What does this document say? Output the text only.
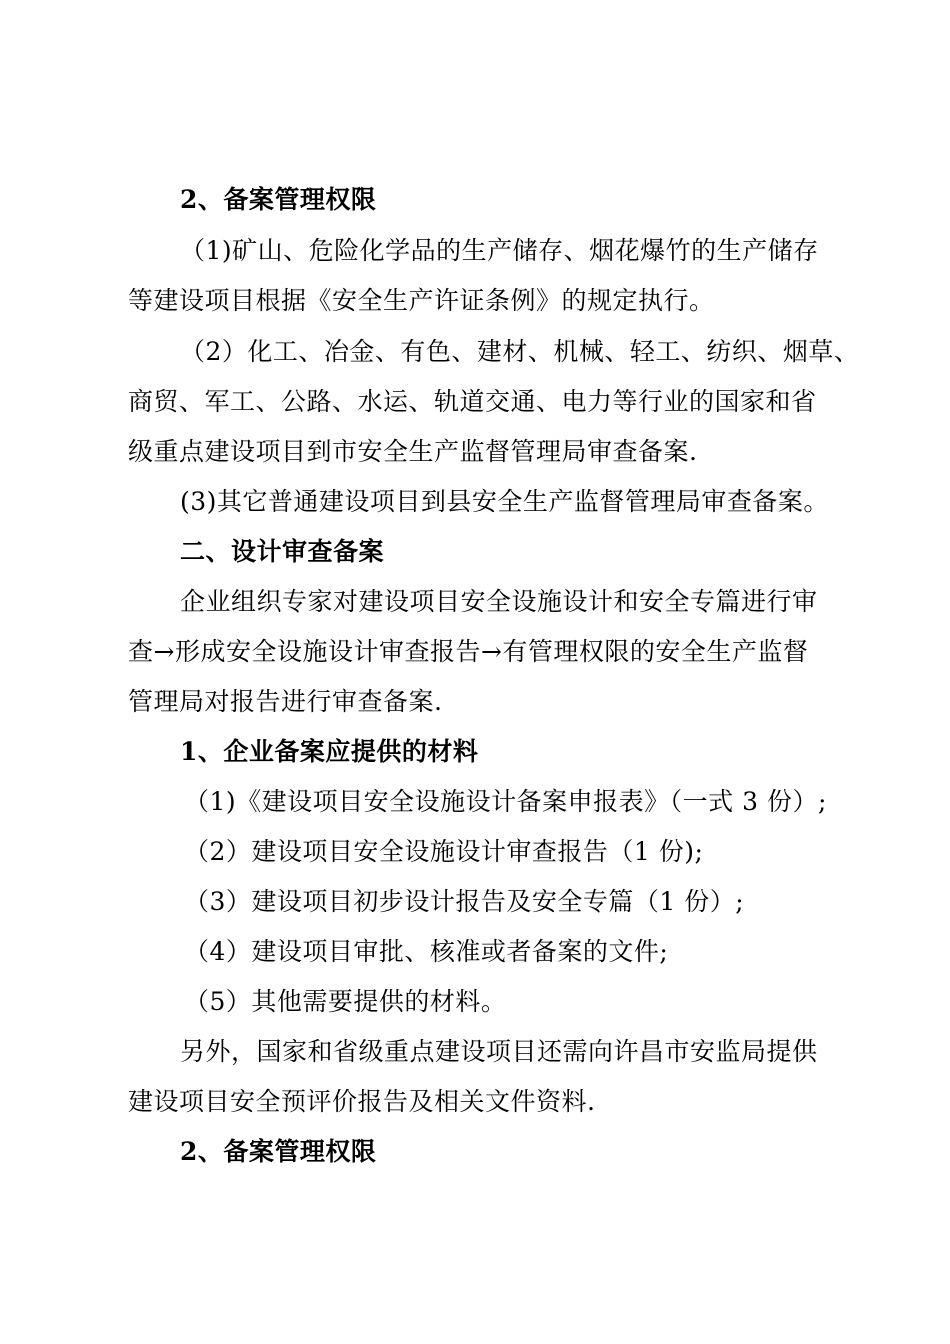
2、备案管理权限
（1)矿山、危险化学品的生产储存、烟花爆竹的生产储存
等建设项目根据《安全生产许证条例》的规定执行。
（2）化工、冶金、有色、建材、机械、轻工、纺织、烟草、
商贸、军工、公路、水运、轨道交通、电力等行业的国家和省
级重点建设项目到市安全生产监督管理局审查备案.
(3)其它普通建设项目到县安全生产监督管理局审查备案。
二、设计审查备案
企业组织专家对建设项目安全设施设计和安全专篇进行审
查→形成安全设施设计审查报告→有管理权限的安全生产监督
管理局对报告进行审查备案.
1、企业备案应提供的材料
（1)《建设项目安全设施设计备案申报表》（一式 3 份）;
（2）建设项目安全设施设计审查报告（1 份);
（3）建设项目初步设计报告及安全专篇（1 份）;
（4）建设项目审批、核准或者备案的文件;
（5）其他需要提供的材料。
另外，国家和省级重点建设项目还需向许昌市安监局提供
建设项目安全预评价报告及相关文件资料.
2、备案管理权限
